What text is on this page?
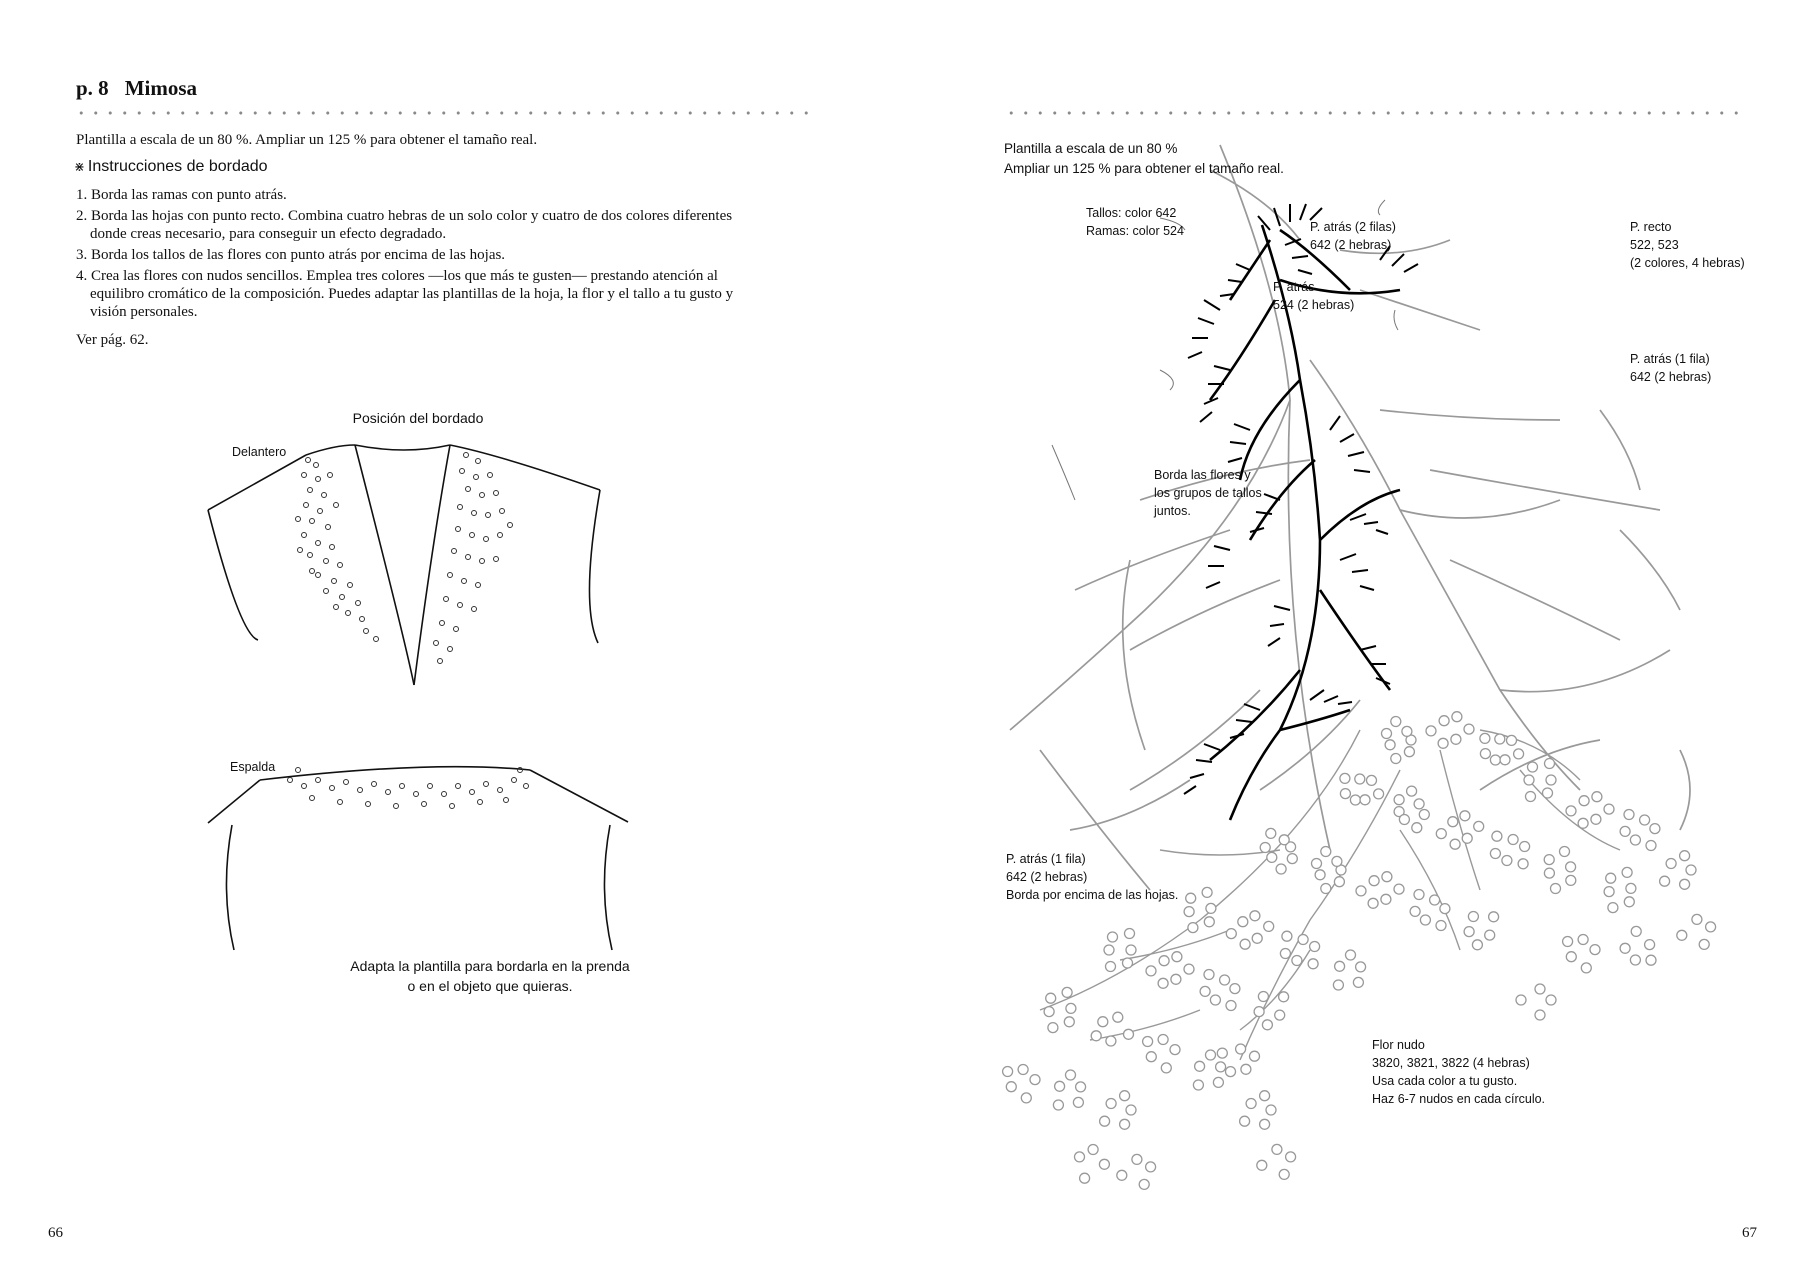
p. 8 Mimosa
Plantilla a escala de un 80 %. Ampliar un 125 % para obtener el tamaño real.
⋇ Instrucciones de bordado
1. Borda las ramas con punto atrás.
2. Borda las hojas con punto recto. Combina cuatro hebras de un solo color y cuatro de dos colores diferentes donde creas necesario, para conseguir un efecto degradado.
3. Borda los tallos de las flores con punto atrás por encima de las hojas.
4. Crea las flores con nudos sencillos. Emplea tres colores —los que más te gusten— prestando atención al equilibro cromático de la composición. Puedes adaptar las plantillas de la hoja, la flor y el tallo a tu gusto y visión personales.
Ver pág. 62.
Posición del bordado
Delantero
Espalda
Adapta la plantilla para bordarla en la prenda
o en el objeto que quieras.
66
Plantilla a escala de un 80 %
Ampliar un 125 % para obtener el tamaño real.
Tallos: color 642
Ramas: color 524	P. atrás (2 filas)
642 (2 hebras)
P. atrás
524 (2 hebras)
P. recto
522, 523
(2 colores, 4 hebras)
P. atrás (1 fila)
642 (2 hebras)
Borda las flores y
los grupos de tallos
juntos.
P. atrás (1 fila)
642 (2 hebras)
Borda por encima de las hojas.
Flor nudo
3820, 3821, 3822 (4 hebras)
Usa cada color a tu gusto.
Haz 6-7 nudos en cada círculo.
67
